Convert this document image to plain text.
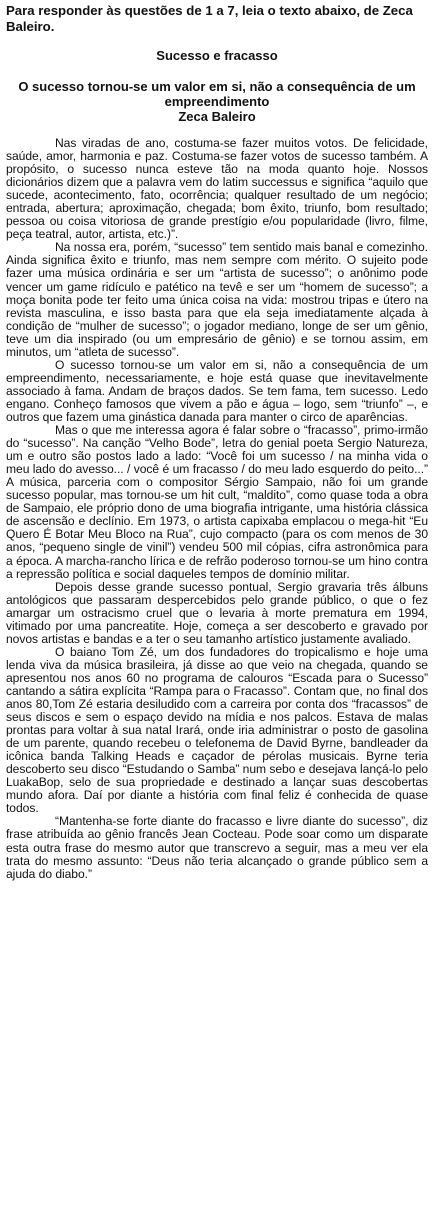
Para responder às questões de 1 a 7, leia o texto abaixo, de Zeca Baleiro.

Sucesso e fracasso

O sucesso tornou-se um valor em si, não a consequência de um empreendimento

Zeca Baleiro

Nas viradas de ano, costuma-se fazer muitos votos. De felicidade, saúde, amor, harmonia e paz. Costuma-se fazer votos de sucesso também. A propósito, o sucesso nunca esteve tão na moda quanto hoje. Nossos dicionários dizem que a palavra vem do latim successus e significa “aquilo que sucede, acontecimento, fato, ocorrência; qualquer resultado de um negócio; entrada, abertura; aproximação, chegada; bom êxito, triunfo, bom resultado; pessoa ou coisa vitoriosa de grande prestígio e/ou popularidade (livro, filme, peça teatral, autor, artista, etc.)”.

Na nossa era, porém, “sucesso” tem sentido mais banal e comezinho. Ainda significa êxito e triunfo, mas nem sempre com mérito. O sujeito pode fazer uma música ordinária e ser um “artista de sucesso”; o anônimo pode vencer um game ridículo e patético na tevê e ser um “homem de sucesso”; a moça bonita pode ter feito uma única coisa na vida: mostrou tripas e útero na revista masculina, e isso basta para que ela seja imediatamente alçada à condição de “mulher de sucesso”; o jogador mediano, longe de ser um gênio, teve um dia inspirado (ou um empresário de gênio) e se tornou assim, em minutos, um “atleta de sucesso”.

O sucesso tornou-se um valor em si, não a consequência de um empreendimento, necessariamente, e hoje está quase que inevitavelmente associado à fama. Andam de braços dados. Se tem fama, tem sucesso. Ledo engano. Conheço famosos que vivem a pão e água – logo, sem “triunfo” –, e outros que fazem uma ginástica danada para manter o circo de aparências.

Mas o que me interessa agora é falar sobre o “fracasso”, primo-irmão do “sucesso”. Na canção “Velho Bode”, letra do genial poeta Sergio Natureza, um e outro são postos lado a lado: “Você foi um sucesso / na minha vida o meu lado do avesso... / você é um fracasso / do meu lado esquerdo do peito...” A música, parceria com o compositor Sérgio Sampaio, não foi um grande sucesso popular, mas tornou-se um hit cult, “maldito”, como quase toda a obra de Sampaio, ele próprio dono de uma biografia intrigante, uma história clássica de ascensão e declínio. Em 1973, o artista capixaba emplacou o mega-hit “Eu Quero É Botar Meu Bloco na Rua”, cujo compacto (para os com menos de 30 anos, “pequeno single de vinil”) vendeu 500 mil cópias, cifra astronômica para a época. A marcha-rancho lírica e de refrão poderoso tornou-se um hino contra a repressão política e social daqueles tempos de domínio militar.

Depois desse grande sucesso pontual, Sergio gravaria três álbuns antológicos que passaram despercebidos pelo grande público, o que o fez amargar um ostracismo cruel que o levaria à morte prematura em 1994, vitimado por uma pancreatite. Hoje, começa a ser descoberto e gravado por novos artistas e bandas e a ter o seu tamanho artístico justamente avaliado.

O baiano Tom Zé, um dos fundadores do tropicalismo e hoje uma lenda viva da música brasileira, já disse ao que veio na chegada, quando se apresentou nos anos 60 no programa de calouros “Escada para o Sucesso” cantando a sátira explícita “Rampa para o Fracasso”. Contam que, no final dos anos 80,Tom Zé estaria desiludido com a carreira por conta dos “fracassos” de seus discos e sem o espaço devido na mídia e nos palcos. Estava de malas prontas para voltar à sua natal Irará, onde iria administrar o posto de gasolina de um parente, quando recebeu o telefonema de David Byrne, bandleader da icônica banda Talking Heads e caçador de pérolas musicais. Byrne teria descoberto seu disco “Estudando o Samba” num sebo e desejava lançá-lo pelo LuakaBop, selo de sua propriedade e destinado a lançar suas descobertas mundo afora. Daí por diante a história com final feliz é conhecida de quase todos.

“Mantenha-se forte diante do fracasso e livre diante do sucesso”, diz frase atribuída ao gênio francês Jean Cocteau. Pode soar como um disparate esta outra frase do mesmo autor que transcrevo a seguir, mas a meu ver ela trata do mesmo assunto: “Deus não teria alcançado o grande público sem a ajuda do diabo.”
